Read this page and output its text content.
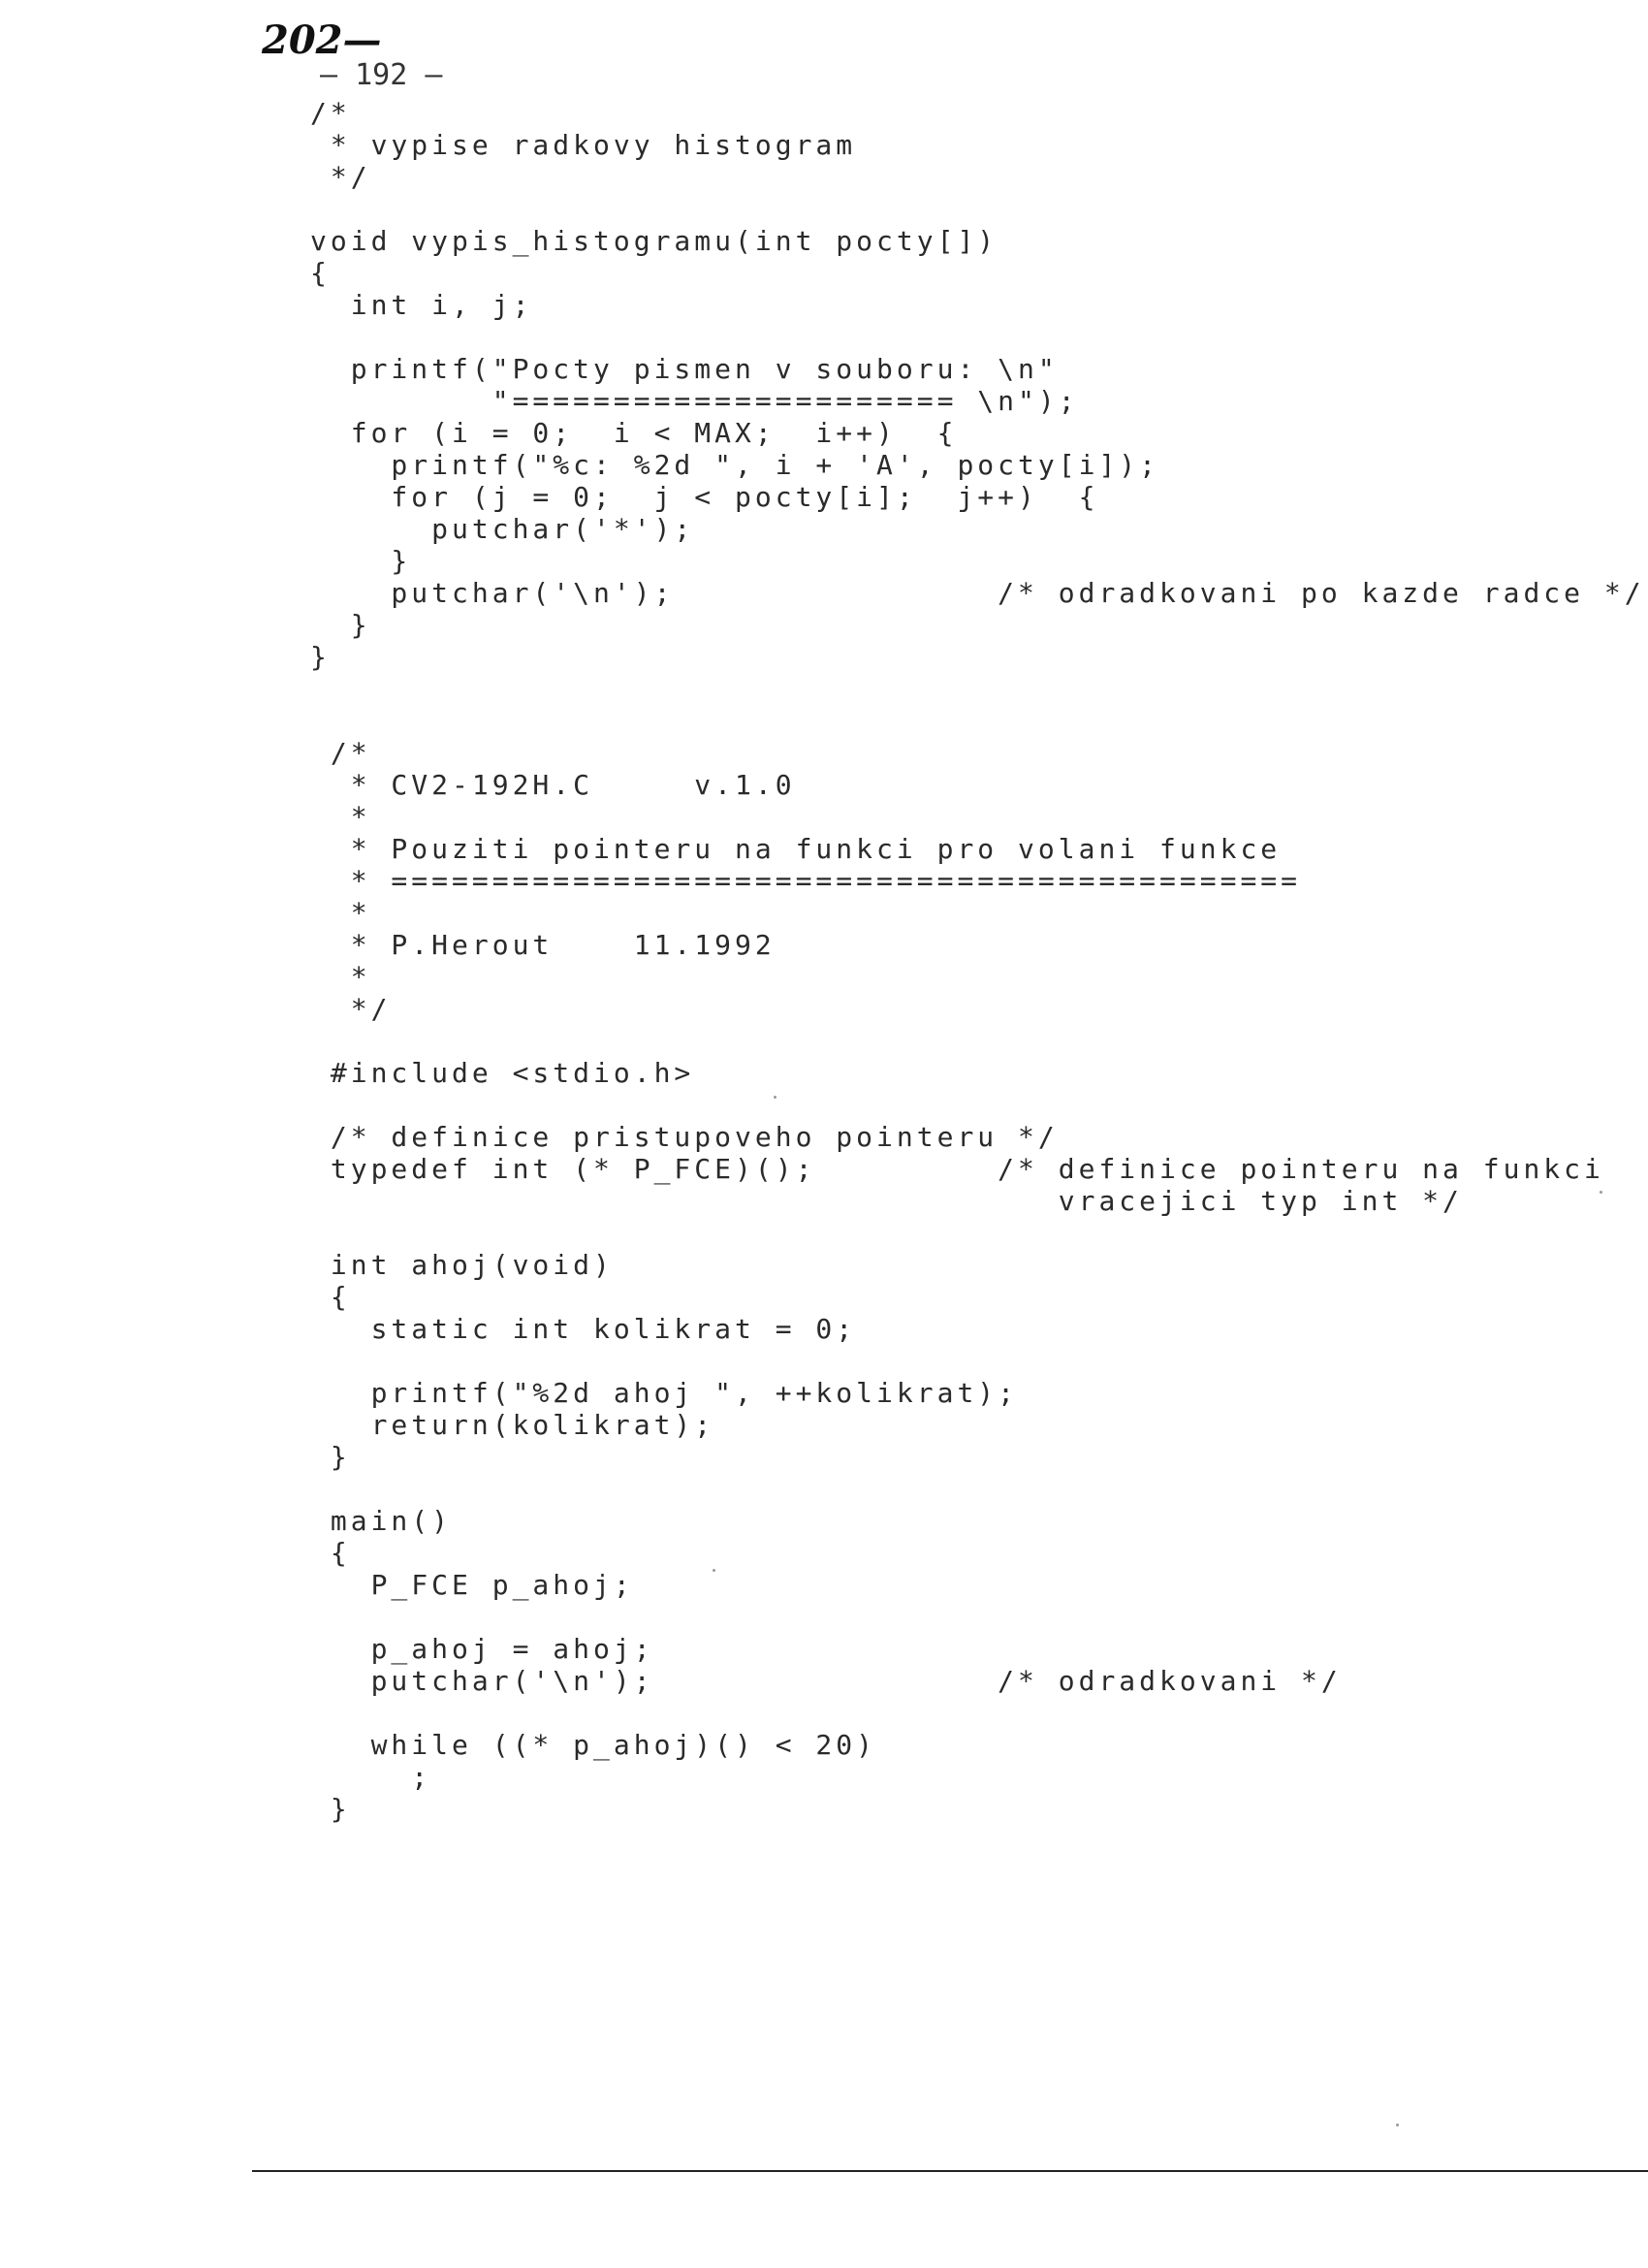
202—
— 192 —
/*
* vypise radkovy histogram
*/
void vypis_histogramu(int pocty[])
{
int i, j;
printf("Pocty pismen v souboru: \n"
"====================== \n");
for (i = 0;  i < MAX;  i++)  {
printf("%c: %2d ", i + 'A', pocty[i]);
for (j = 0;  j < pocty[i];  j++)  {
putchar('*');
}
putchar('\n');                /* odradkovani po kazde radce */
}
}
/*
* CV2-192H.C     v.1.0
*
* Pouziti pointeru na funkci pro volani funkce
* =============================================
*
* P.Herout    11.1992
*
*/
#include <stdio.h>
/* definice pristupoveho pointeru */
typedef int (* P_FCE)();         /* definice pointeru na funkci
vracejici typ int */
int ahoj(void)
{
static int kolikrat = 0;
printf("%2d ahoj ", ++kolikrat);
return(kolikrat);
}
main()
{
P_FCE p_ahoj;
p_ahoj = ahoj;
putchar('\n');                 /* odradkovani */
while ((* p_ahoj)() < 20)
;
}
